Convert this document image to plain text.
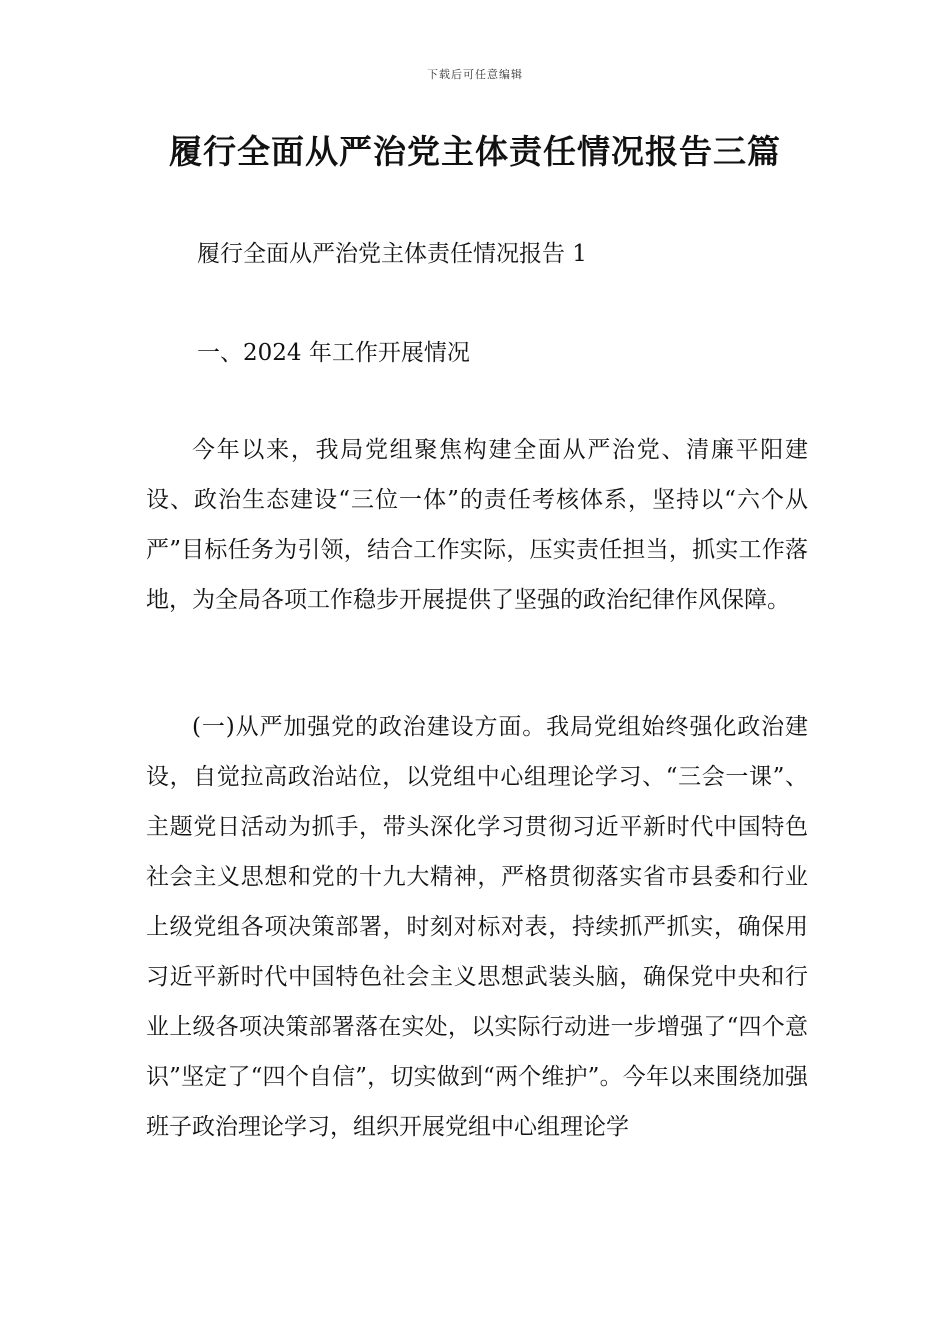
下载后可任意编辑
履行全面从严治党主体责任情况报告三篇
履行全面从严治党主体责任情况报告 1
一、2024 年工作开展情况

今年以来，我局党组聚焦构建全面从严治党、清廉平阳建设、政治生态建设“三位一体”的责任考核体系，坚持以“六个从严”目标任务为引领，结合工作实际，压实责任担当，抓实工作落地，为全局各项工作稳步开展提供了坚强的政治纪律作风保障。

(一)从严加强党的政治建设方面。我局党组始终强化政治建设，自觉拉高政治站位，以党组中心组理论学习、“三会一课”、主题党日活动为抓手，带头深化学习贯彻习近平新时代中国特色社会主义思想和党的十九大精神，严格贯彻落实省市县委和行业上级党组各项决策部署，时刻对标对表，持续抓严抓实，确保用习近平新时代中国特色社会主义思想武装头脑，确保党中央和行业上级各项决策部署落在实处，以实际行动进一步增强了“四个意识”坚定了“四个自信”，切实做到“两个维护”。今年以来围绕加强班子政治理论学习，组织开展党组中心组理论学
